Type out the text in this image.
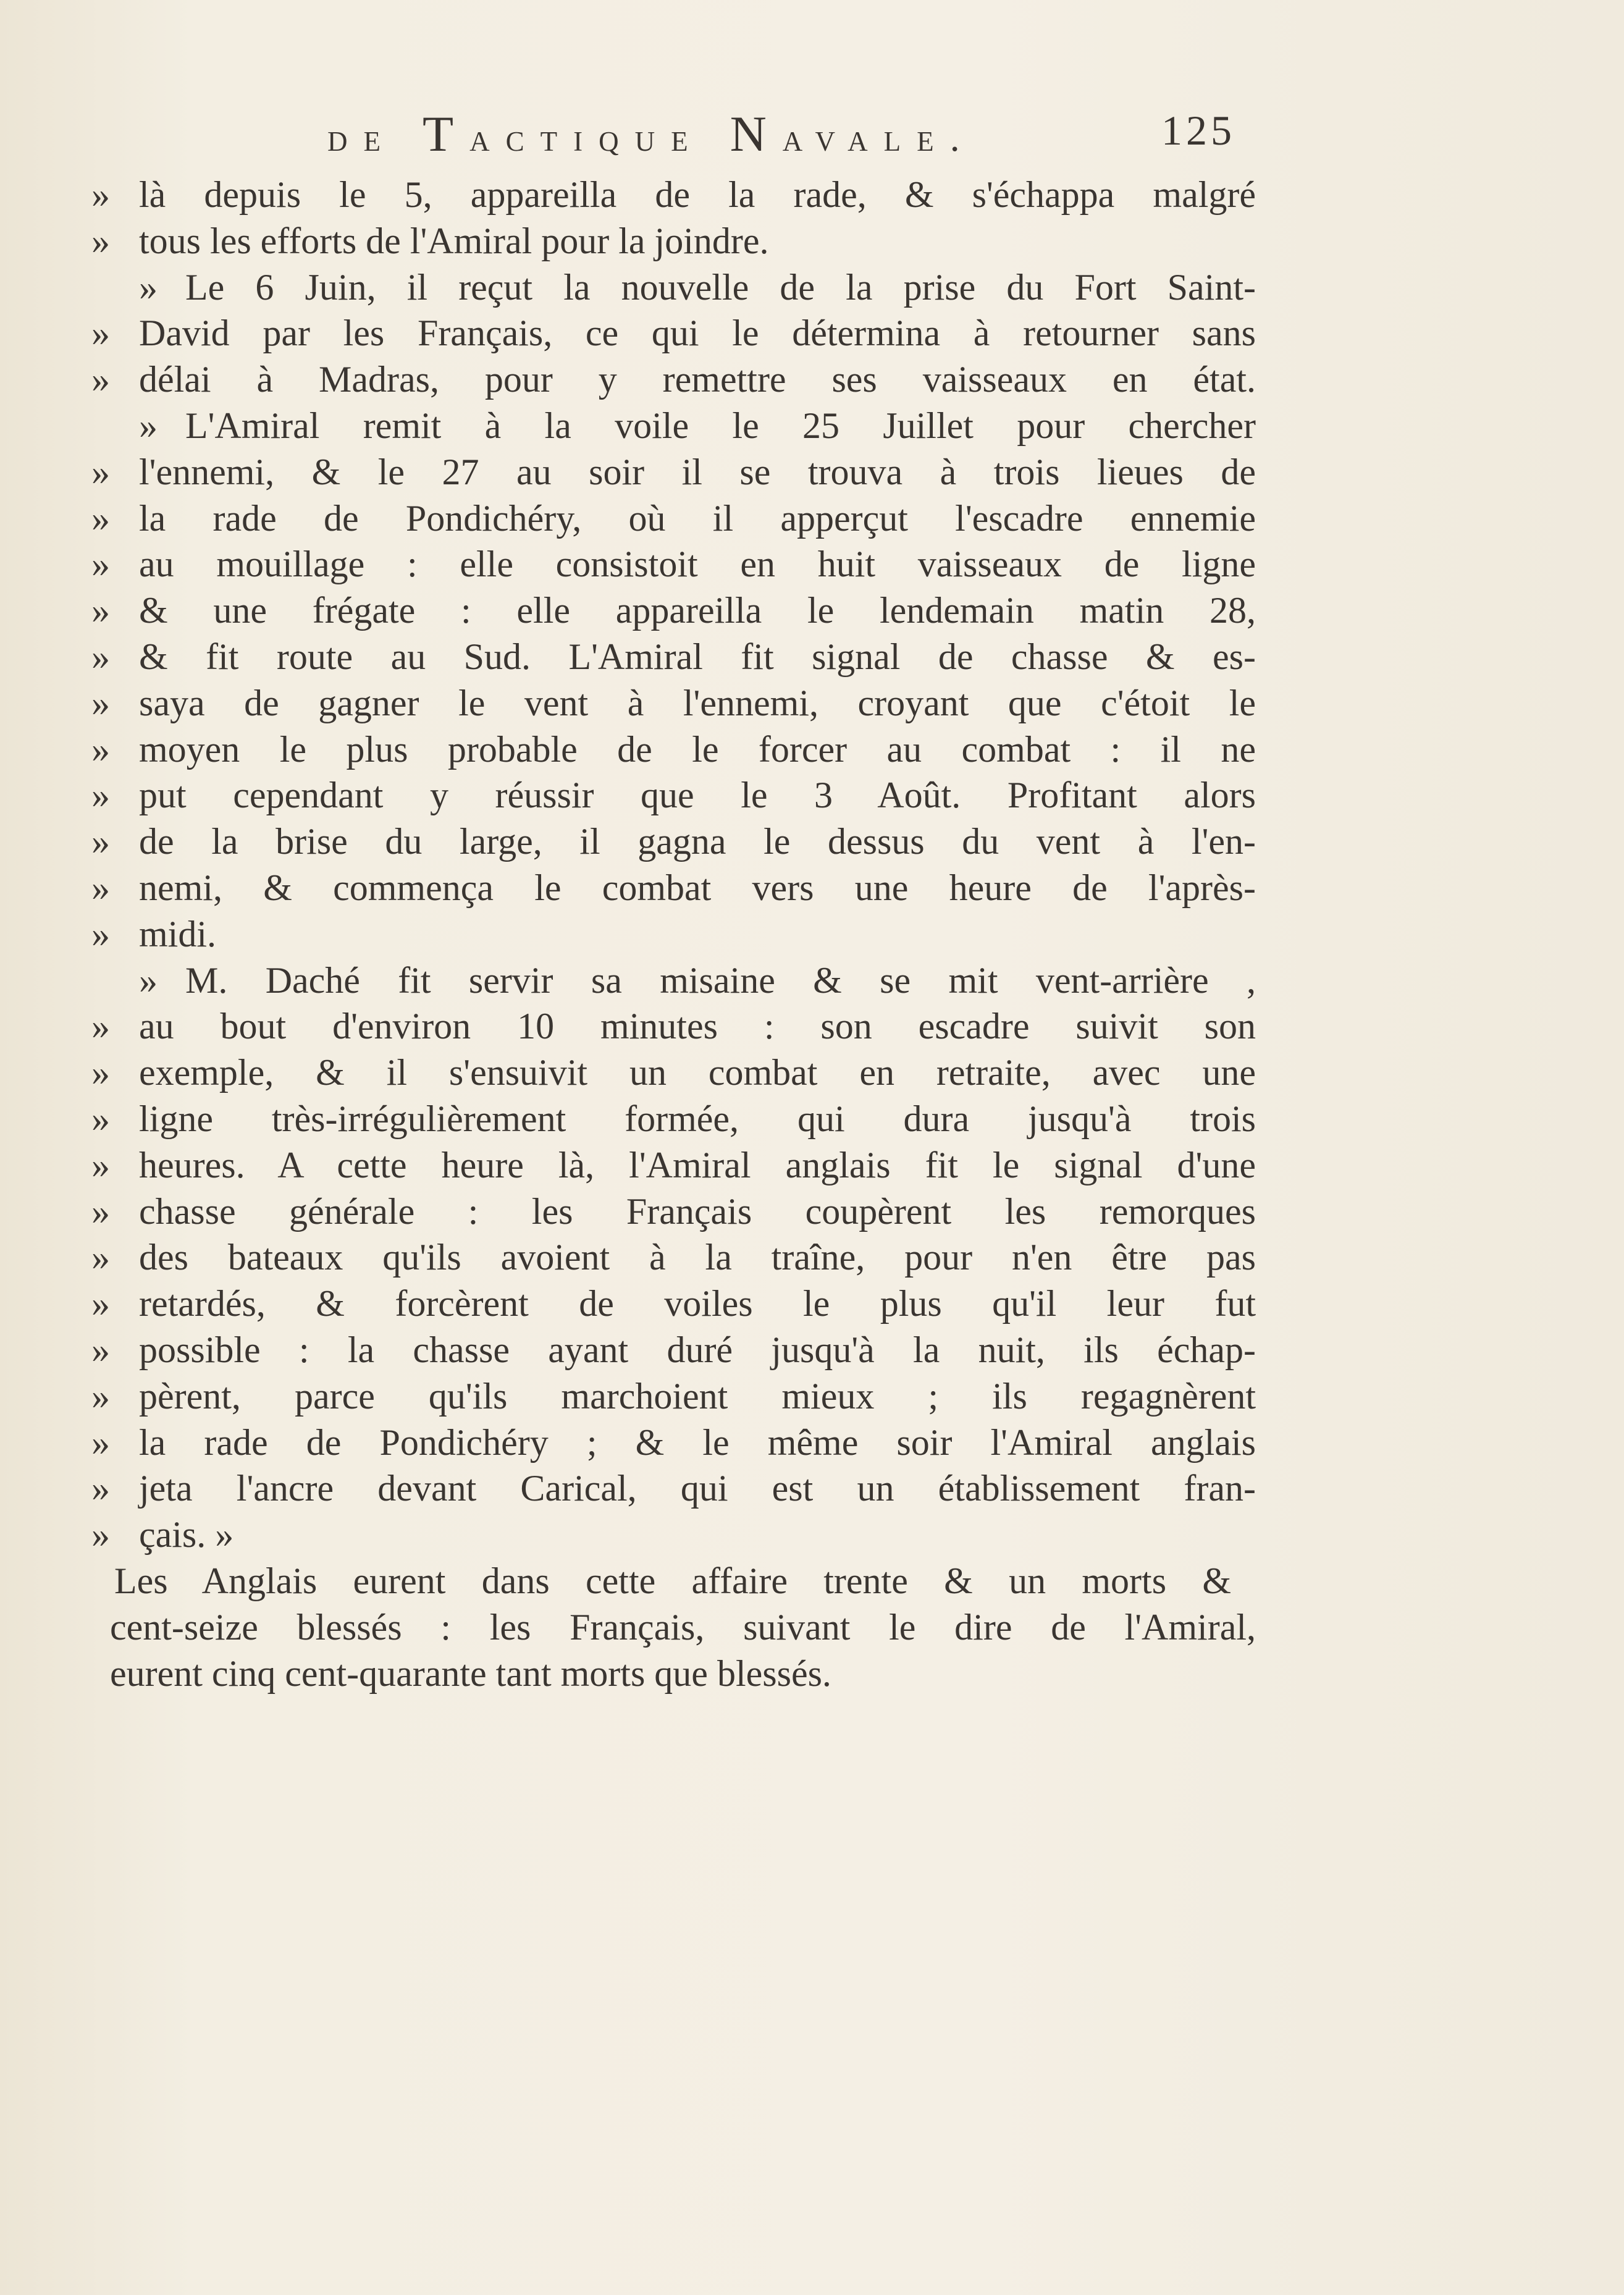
de Tactique Navale.	125
» là depuis le 5, appareilla de la rade, & s'échappa malgré
» tous les efforts de l'Amiral pour la joindre.
» Le 6 Juin, il reçut la nouvelle de la prise du Fort Saint-
» David par les Français, ce qui le détermina à retourner sans
» délai à Madras, pour y remettre ses vaisseaux en état.
» L'Amiral remit à la voile le 25 Juillet pour chercher
» l'ennemi, & le 27 au soir il se trouva à trois lieues de
» la rade de Pondichéry, où il apperçut l'escadre ennemie
» au mouillage : elle consistoit en huit vaisseaux de ligne
» & une frégate : elle appareilla le lendemain matin 28,
» & fit route au Sud. L'Amiral fit signal de chasse & es-
» saya de gagner le vent à l'ennemi, croyant que c'étoit le
» moyen le plus probable de le forcer au combat : il ne
» put cependant y réussir que le 3 Août. Profitant alors
» de la brise du large, il gagna le dessus du vent à l'en-
» nemi, & commença le combat vers une heure de l'après-
» midi.
» M. Daché fit servir sa misaine & se mit vent-arrière ,
» au bout d'environ 10 minutes : son escadre suivit son
» exemple, & il s'ensuivit un combat en retraite, avec une
» ligne très-irrégulièrement formée, qui dura jusqu'à trois
» heures. A cette heure là, l'Amiral anglais fit le signal d'une
» chasse générale : les Français coupèrent les remorques
» des bateaux qu'ils avoient à la traîne, pour n'en être pas
» retardés, & forcèrent de voiles le plus qu'il leur fut
» possible : la chasse ayant duré jusqu'à la nuit, ils échap-
» pèrent, parce qu'ils marchoient mieux ; ils regagnèrent
» la rade de Pondichéry ; & le même soir l'Amiral anglais
» jeta l'ancre devant Carical, qui est un établissement fran-
» çais. »
Les Anglais eurent dans cette affaire trente & un morts &
cent-seize blessés : les Français, suivant le dire de l'Amiral,
eurent cinq cent-quarante tant morts que blessés.
